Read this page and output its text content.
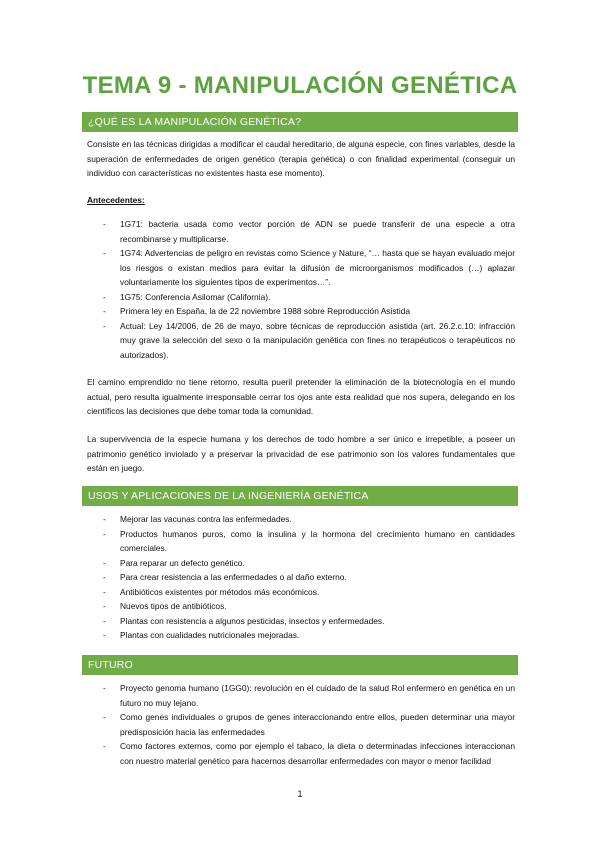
TEMA 9 - MANIPULACIÓN GENÉTICA
¿QUÉ ES LA MANIPULACIÓN GENÉTICA?

Consiste en las técnicas dirigidas a modificar el caudal hereditario, de alguna especie, con fines variables, desde la superación de enfermedades de origen genético (terapia genética) o con finalidad experimental (conseguir un individuo con características no existentes hasta ese momento).

Antecedentes:
- 1G71: bacteria usada como vector porción de ADN se puede transferir de una especie a otra recombinarse y multiplicarse.
- 1G74: Advertencias de peligro en revistas como Science y Nature, “… hasta que se hayan evaluado mejor los riesgos o existan medios para evitar la difusión de microorganismos modificados (…) aplazar voluntariamente los siguientes tipos de experimentos…”.
- 1G75: Conferencia Asilomar (California).
- Primera ley en España, la de 22 noviembre 1988 sobre Reproducción Asistida
- Actual: Ley 14/2006, de 26 de mayo, sobre técnicas de reproducción asistida (art. 26.2.c.10: infracción muy grave la selección del sexo o la manipulación genética con fines no terapéuticos o terapéuticos no autorizados).

El camino emprendido no tiene retorno, resulta pueril pretender la eliminación de la biotecnología en el mundo actual, pero resulta igualmente irresponsable cerrar los ojos ante esta realidad que nos supera, delegando en los científicos las decisiones que debe tomar toda la comunidad.

La supervivencia de la especie humana y los derechos de todo hombre a ser único e irrepetible, a poseer un patrimonio genético inviolado y a preservar la privacidad de ese patrimonio son los valores fundamentales que están en juego.

USOS Y APLICACIONES DE LA INGENIERÍA GENÉTICA
- Mejorar las vacunas contra las enfermedades.
- Productos humanos puros, como la insulina y la hormona del crecimiento humano en cantidades comerciales.
- Para reparar un defecto genético.
- Para crear resistencia a las enfermedades o al daño externo.
- Antibióticos existentes por métodos más económicos.
- Nuevos tipos de antibióticos.
- Plantas con resistencia a algunos pesticidas, insectos y enfermedades.
- Plantas con cualidades nutricionales mejoradas.
FUTURO
- Proyecto genoma humano (1GG0): revolución en el cuidado de la salud Rol enfermero en genética en un futuro no muy lejano.
- Como genes individuales o grupos de genes interaccionando entre ellos, pueden determinar una mayor predisposición hacia las enfermedades
- Como factores externos, como por ejemplo el tabaco, la dieta o determinadas infecciones interaccionan con nuestro material genético para hacernos desarrollar enfermedades con mayor o menor facilidad
1
